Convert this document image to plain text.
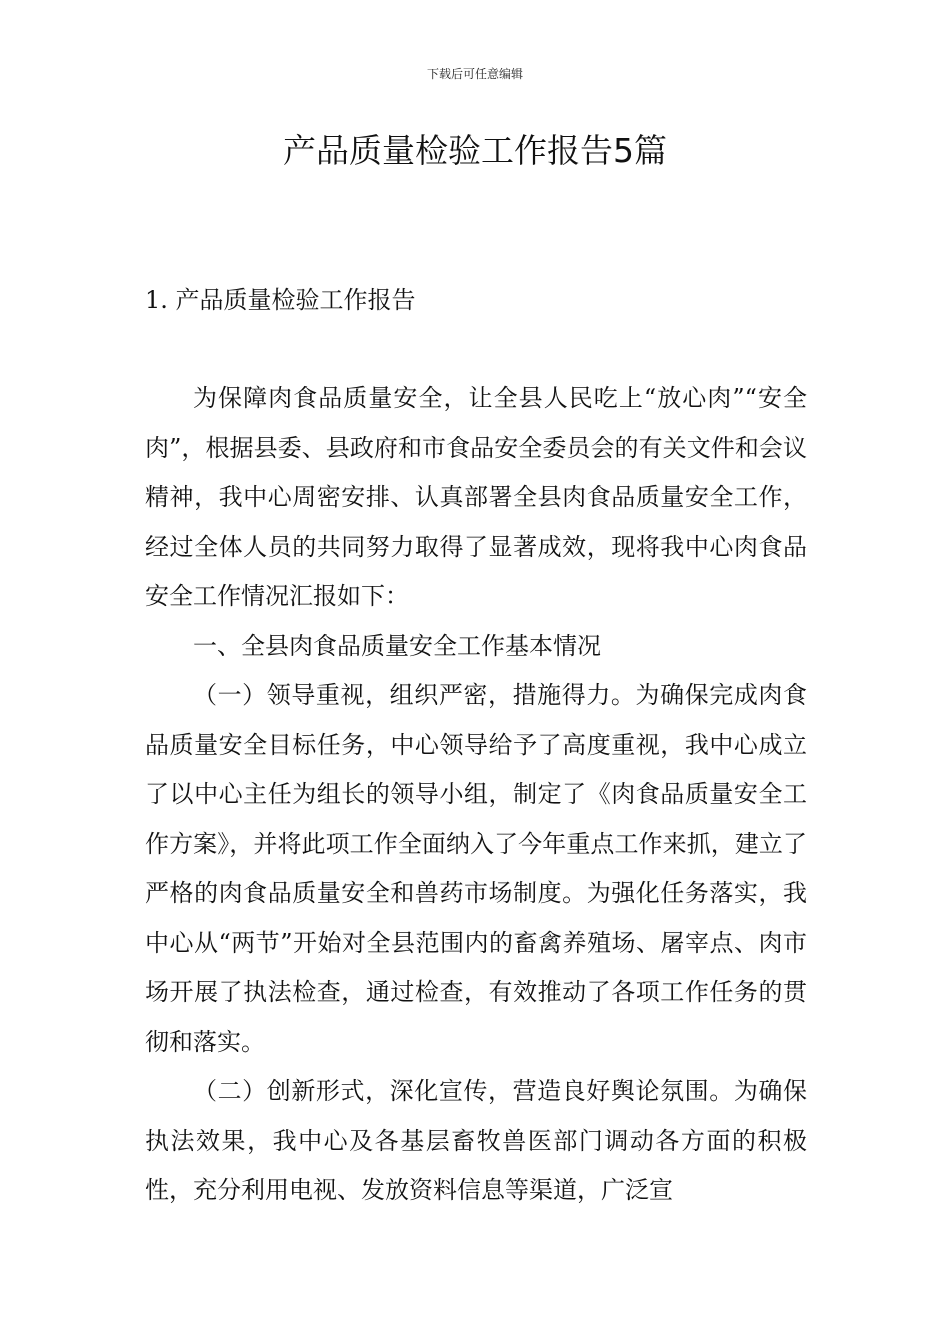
下载后可任意编辑
产品质量检验工作报告5篇
1. 产品质量检验工作报告

为保障肉食品质量安全，让全县人民吃上“放心肉”“安全肉”，根据县委、县政府和市食品安全委员会的有关文件和会议精神，我中心周密安排、认真部署全县肉食品质量安全工作，经过全体人员的共同努力取得了显著成效，现将我中心肉食品安全工作情况汇报如下：

一、全县肉食品质量安全工作基本情况

（一）领导重视，组织严密，措施得力。为确保完成肉食品质量安全目标任务，中心领导给予了高度重视，我中心成立了以中心主任为组长的领导小组，制定了《肉食品质量安全工作方案》，并将此项工作全面纳入了今年重点工作来抓，建立了严格的肉食品质量安全和兽药市场制度。为强化任务落实，我中心从“两节”开始对全县范围内的畜禽养殖场、屠宰点、肉市场开展了执法检查，通过检查，有效推动了各项工作任务的贯彻和落实。

（二）创新形式，深化宣传，营造良好舆论氛围。为确保执法效果，我中心及各基层畜牧兽医部门调动各方面的积极性，充分利用电视、发放资料信息等渠道，广泛宣
